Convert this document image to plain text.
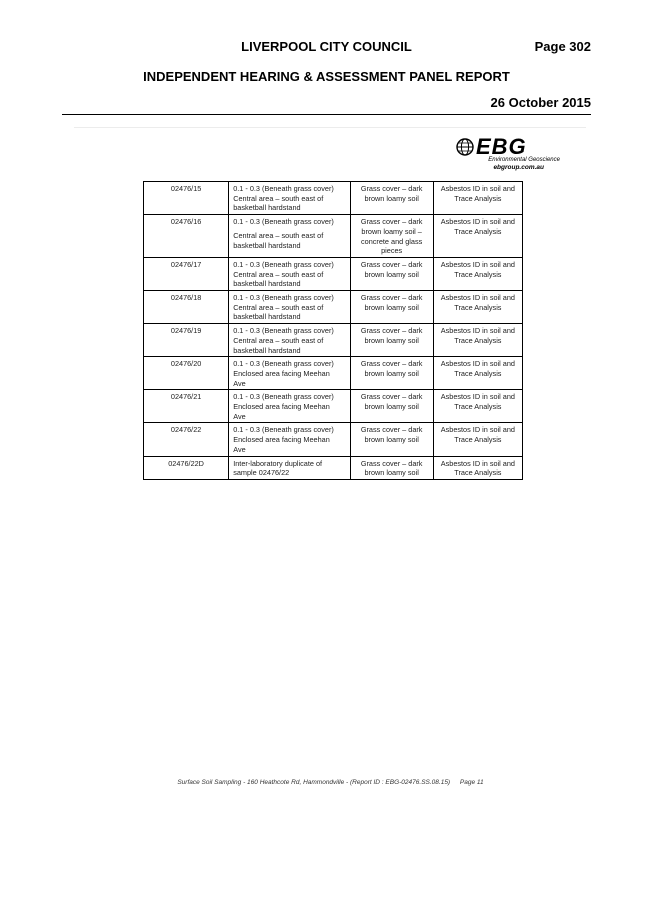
LIVERPOOL CITY COUNCIL	Page 302
INDEPENDENT HEARING & ASSESSMENT PANEL REPORT
26 October 2015
EBG
Environmental Geoscience
ebgroup.com.au
02476/15	0.1 - 0.3 (Beneath grass cover)
Central area – south east of
basketball hardstand	Grass cover – dark
brown loamy soil	Asbestos ID in soil and
Trace Analysis

02476/16	0.1 - 0.3 (Beneath grass cover)
Central area – south east of
basketball hardstand	Grass cover – dark
brown loamy soil –
concrete and glass
pieces	Asbestos ID in soil and
Trace Analysis

02476/17	0.1 - 0.3 (Beneath grass cover)
Central area – south east of
basketball hardstand	Grass cover – dark
brown loamy soil	Asbestos ID in soil and
Trace Analysis

02476/18	0.1 - 0.3 (Beneath grass cover)
Central area – south east of
basketball hardstand	Grass cover – dark
brown loamy soil	Asbestos ID in soil and
Trace Analysis

02476/19	0.1 - 0.3 (Beneath grass cover)
Central area – south east of
basketball hardstand	Grass cover – dark
brown loamy soil	Asbestos ID in soil and
Trace Analysis

02476/20	0.1 - 0.3 (Beneath grass cover)
Enclosed area facing Meehan
Ave	Grass cover – dark
brown loamy soil	Asbestos ID in soil and
Trace Analysis

02476/21	0.1 - 0.3 (Beneath grass cover)
Enclosed area facing Meehan
Ave	Grass cover – dark
brown loamy soil	Asbestos ID in soil and
Trace Analysis

02476/22	0.1 - 0.3 (Beneath grass cover)
Enclosed area facing Meehan
Ave	Grass cover – dark
brown loamy soil	Asbestos ID in soil and
Trace Analysis

02476/22D	Inter-laboratory duplicate of
sample 02476/22	Grass cover – dark
brown loamy soil	Asbestos ID in soil and
Trace Analysis
Surface Soil Sampling - 160 Heathcote Rd, Hammondville - (Report ID : EBG-02476.SS.08.15) Page 11
